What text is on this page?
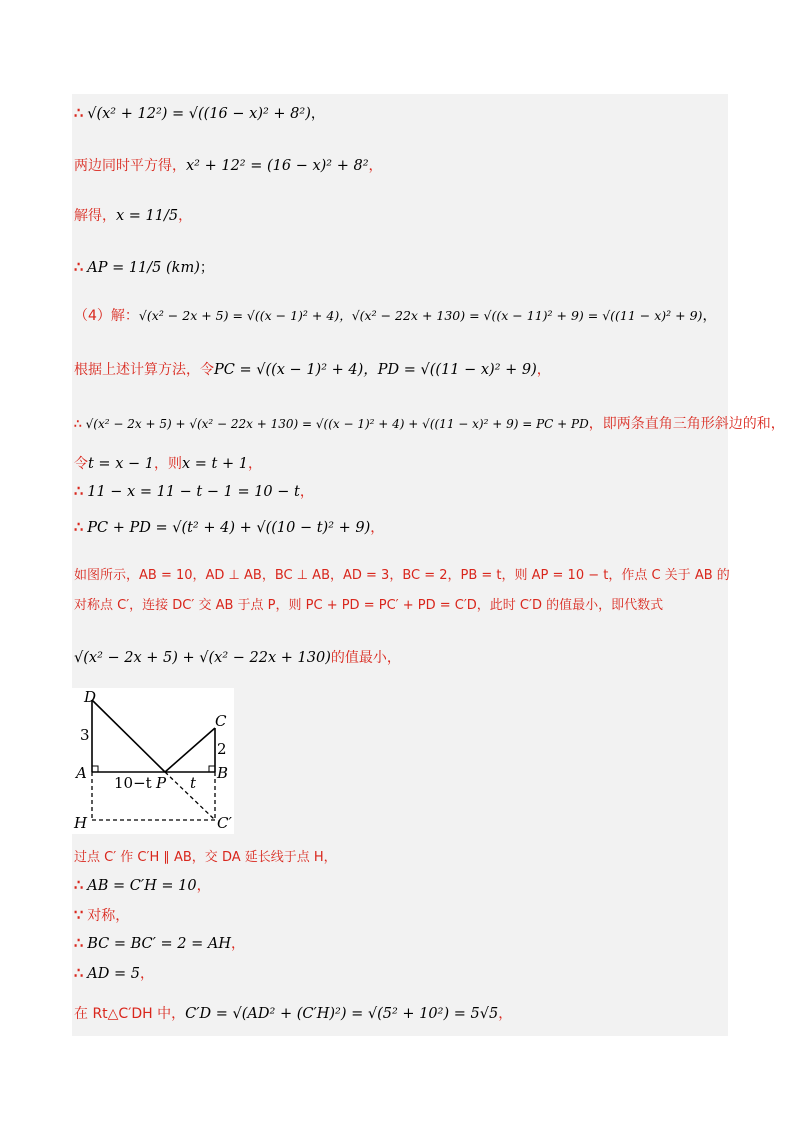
∴ √(x² + 12²) = √((16 − x)² + 8²)，
两边同时平方得，x² + 12² = (16 − x)² + 8²，
解得，x = 11/5，
∴ AP = 11/5 (km)；
（4）解：√(x² − 2x + 5) = √((x − 1)² + 4)，√(x² − 22x + 130) = √((x − 11)² + 9) = √((11 − x)² + 9)，
根据上述计算方法，令PC = √((x − 1)² + 4)，PD = √((11 − x)² + 9)，
∴ √(x² − 2x + 5) + √(x² − 22x + 130) = √((x − 1)² + 4) + √((11 − x)² + 9) = PC + PD，即两条直角三角形斜边的和，
令t = x − 1，则x = t + 1，
∴ 11 − x = 11 − t − 1 = 10 − t，
∴ PC + PD = √(t² + 4) + √((10 − t)² + 9)，
如图所示，AB = 10，AD ⊥ AB，BC ⊥ AB，AD = 3，BC = 2，PB = t，则 AP = 10 − t，作点 C 关于 AB 的
对称点 C′，连接 DC′ 交 AB 于点 P，则 PC + PD = PC′ + PD = C′D，此时 C′D 的值最小，即代数式
√(x² − 2x + 5) + √(x² − 22x + 130)的值最小，
D
C
A	B
P
H	C′
3
2
10−t	t
过点 C′ 作 C′H ∥ AB，交 DA 延长线于点 H，
∴ AB = C′H = 10，
∵ 对称，
∴ BC = BC′ = 2 = AH，
∴ AD = 5，
在 Rt△C′DH 中，C′D = √(AD² + (C′H)²) = √(5² + 10²) = 5√5，
